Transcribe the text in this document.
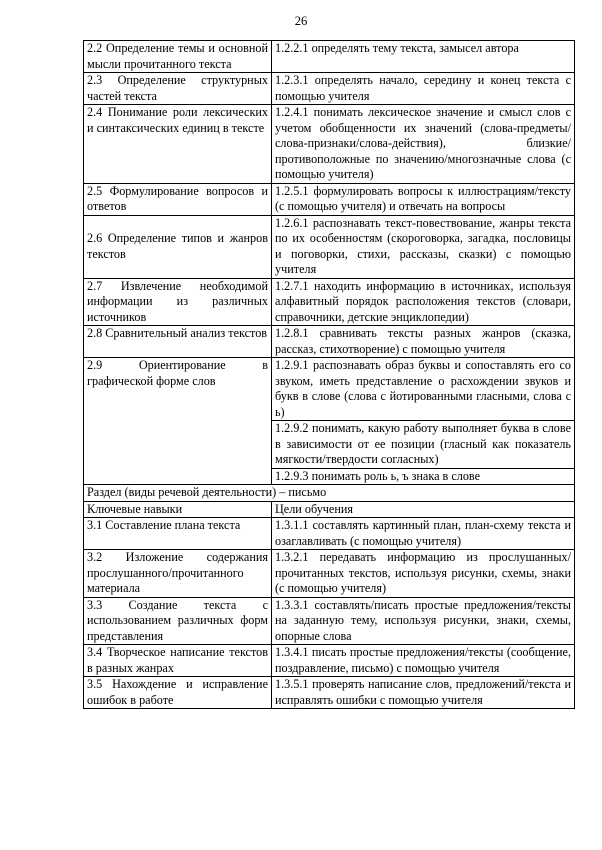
26
2.2 Определение темы и основной мысли прочитанного текста	1.2.2.1 определять тему текста, замысел автора
2.3 Определение структурных частей текста	1.2.3.1 определять начало, середину и конец текста с помощью учителя
2.4 Понимание роли лексических и синтаксических единиц в тексте	1.2.4.1 понимать лексическое значение и смысл слов с учетом обобщенности их значений (слова-предметы/слова-признаки/слова-действия), близкие/противоположные по значению/многозначные слова (с помощью учителя)
2.5 Формулирование вопросов и ответов	1.2.5.1 формулировать вопросы к иллюстрациям/тексту (с помощью учителя) и отвечать на вопросы
2.6 Определение типов и жанров текстов	1.2.6.1 распознавать текст-повествование, жанры текста по их особенностям (скороговорка, загадка, пословицы и поговорки, стихи, рассказы, сказки) с помощью учителя
2.7 Извлечение необходимой информации из различных источников	1.2.7.1 находить информацию в источниках, используя алфавитный порядок расположения текстов (словари, справочники, детские энциклопедии)
2.8 Сравнительный анализ текстов	1.2.8.1 сравнивать тексты разных жанров (сказка, рассказ, стихотворение) с помощью учителя
2.9 Ориентирование в графической форме слов	1.2.9.1 распознавать образ буквы и сопоставлять его со звуком, иметь представление о расхождении звуков и букв в слове (слова с йотированными гласными, слова с ь)
	1.2.9.2 понимать, какую работу выполняет буква в слове в зависимости от ее позиции (гласный как показатель мягкости/твердости согласных)
	1.2.9.3 понимать роль ь, ъ знака в слове
Раздел (виды речевой деятельности) – письмо	
Ключевые навыки	Цели обучения
3.1 Составление плана текста	1.3.1.1 составлять картинный план, план-схему текста и озаглавливать (с помощью учителя)
3.2 Изложение содержания прослушанного/прочитанного материала	1.3.2.1 передавать информацию из прослушанных/прочитанных текстов, используя рисунки, схемы, знаки (с помощью учителя)
3.3 Создание текста с использованием различных форм представления	1.3.3.1 составлять/писать простые предложения/тексты на заданную тему, используя рисунки, знаки, схемы, опорные слова
3.4 Творческое написание текстов в разных жанрах	1.3.4.1 писать простые предложения/тексты (сообщение, поздравление, письмо) с помощью учителя
3.5 Нахождение и исправление ошибок в работе	1.3.5.1 проверять написание слов, предложений/текста и исправлять ошибки с помощью учителя
